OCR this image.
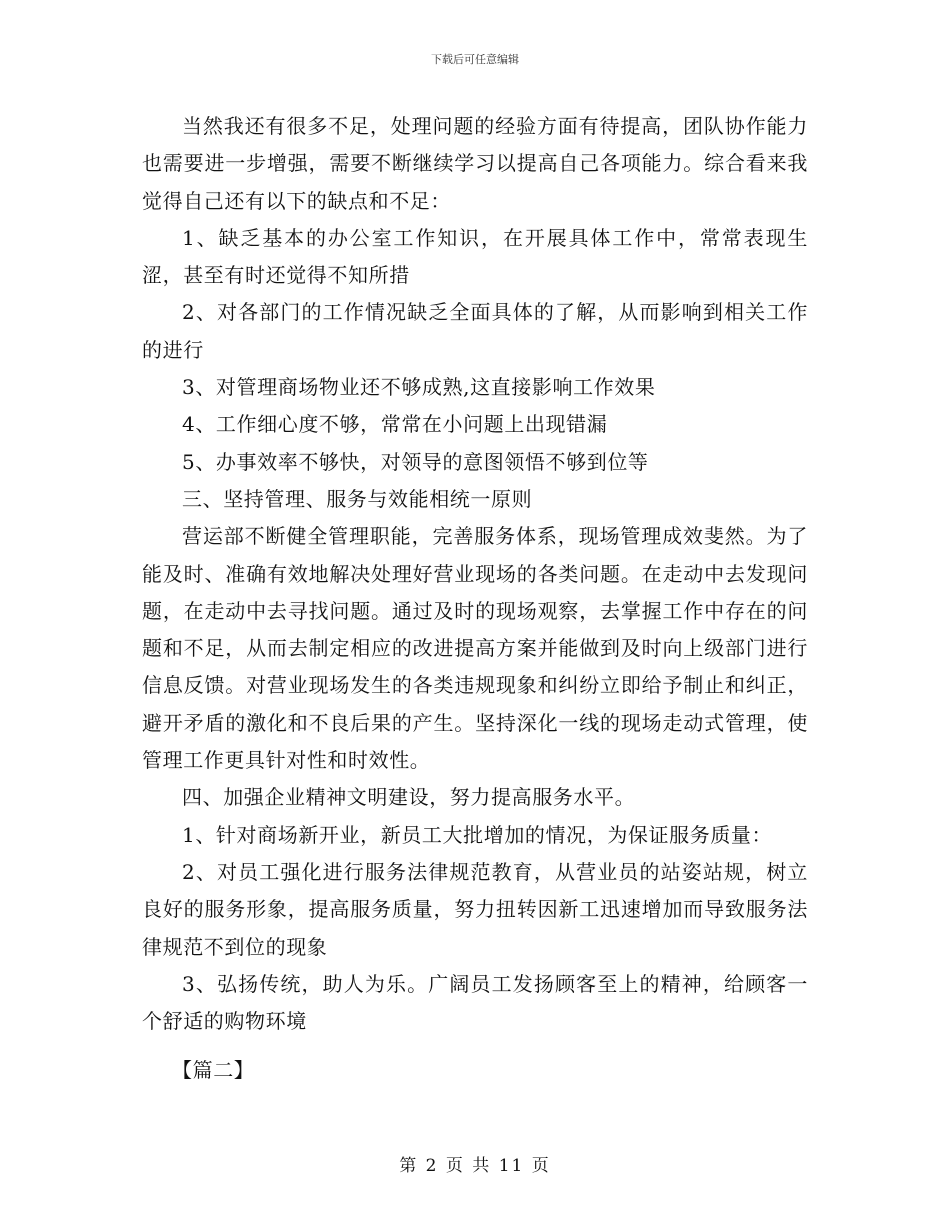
下载后可任意编辑

当然我还有很多不足，处理问题的经验方面有待提高，团队协作能力也需要进一步增强，需要不断继续学习以提高自己各项能力。综合看来我觉得自己还有以下的缺点和不足：

1、缺乏基本的办公室工作知识，在开展具体工作中，常常表现生涩，甚至有时还觉得不知所措

2、对各部门的工作情况缺乏全面具体的了解，从而影响到相关工作的进行

3、对管理商场物业还不够成熟,这直接影响工作效果

4、工作细心度不够，常常在小问题上出现错漏

5、办事效率不够快，对领导的意图领悟不够到位等

三、坚持管理、服务与效能相统一原则

营运部不断健全管理职能，完善服务体系，现场管理成效斐然。为了能及时、准确有效地解决处理好营业现场的各类问题。在走动中去发现问题，在走动中去寻找问题。通过及时的现场观察，去掌握工作中存在的问题和不足，从而去制定相应的改进提高方案并能做到及时向上级部门进行信息反馈。对营业现场发生的各类违规现象和纠纷立即给予制止和纠正，避开矛盾的激化和不良后果的产生。坚持深化一线的现场走动式管理，使管理工作更具针对性和时效性。

四、加强企业精神文明建设，努力提高服务水平。

1、针对商场新开业，新员工大批增加的情况，为保证服务质量：

2、对员工强化进行服务法律规范教育，从营业员的站姿站规，树立良好的服务形象，提高服务质量，努力扭转因新工迅速增加而导致服务法律规范不到位的现象

3、弘扬传统，助人为乐。广阔员工发扬顾客至上的精神，给顾客一个舒适的购物环境

【篇二】

第 2 页 共 11 页
